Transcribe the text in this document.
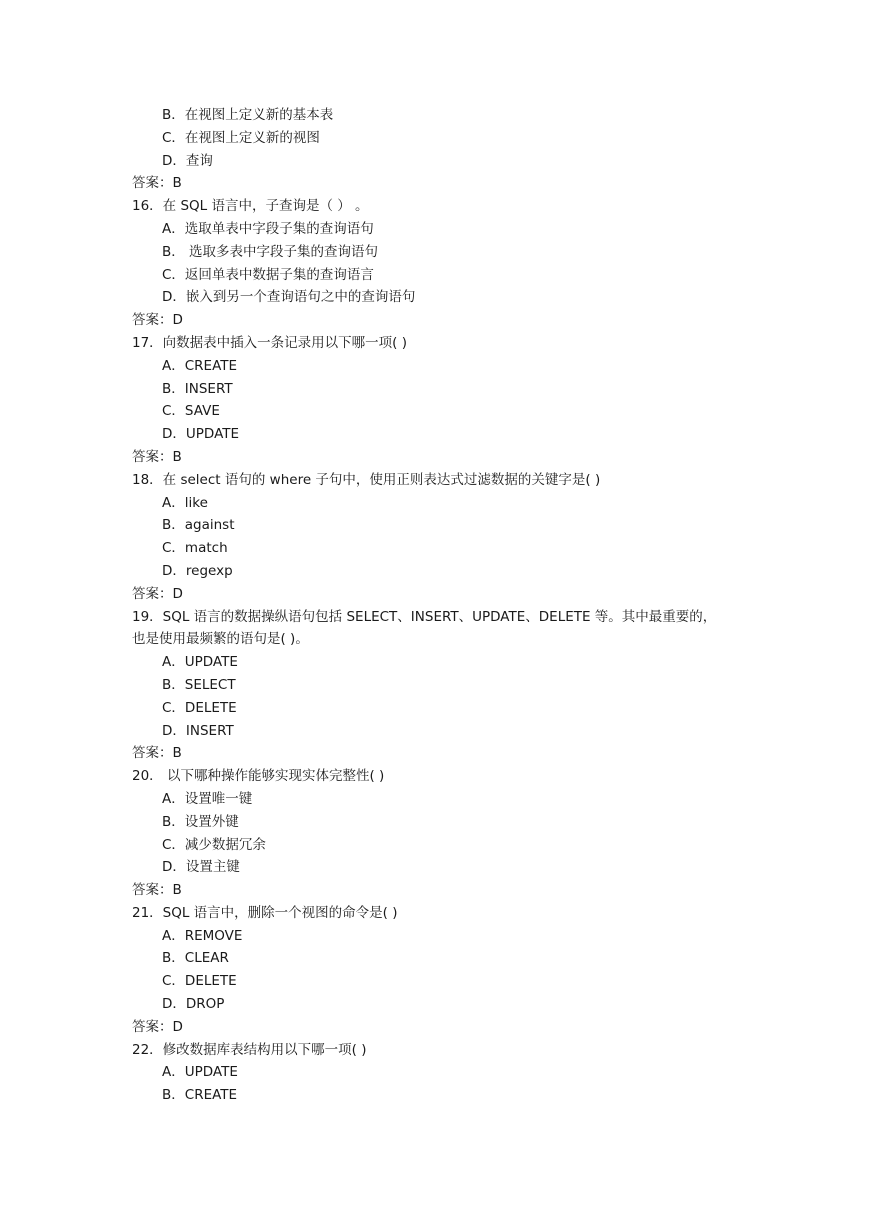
B．在视图上定义新的基本表
C．在视图上定义新的视图
D．查询
答案：B
16．在 SQL 语言中，子查询是（ ） 。
A．选取单表中字段子集的查询语句
B． 选取多表中字段子集的查询语句
C．返回单表中数据子集的查询语言
D．嵌入到另一个查询语句之中的查询语句
答案：D
17．向数据表中插入一条记录用以下哪一项( )
A．CREATE
B．INSERT
C．SAVE
D．UPDATE
答案：B
18．在 select 语句的 where 子句中，使用正则表达式过滤数据的关键字是( )
A．like
B．against
C．match
D．regexp
答案：D
19．SQL 语言的数据操纵语句包括 SELECT、INSERT、UPDATE、DELETE 等。其中最重要的，
也是使用最频繁的语句是( )。
A．UPDATE
B．SELECT
C．DELETE
D．INSERT
答案：B
20． 以下哪种操作能够实现实体完整性( )
A．设置唯一键
B．设置外键
C．减少数据冗余
D．设置主键
答案：B
21．SQL 语言中，删除一个视图的命令是( )
A．REMOVE
B．CLEAR
C．DELETE
D．DROP
答案：D
22．修改数据库表结构用以下哪一项( )
A．UPDATE
B．CREATE
